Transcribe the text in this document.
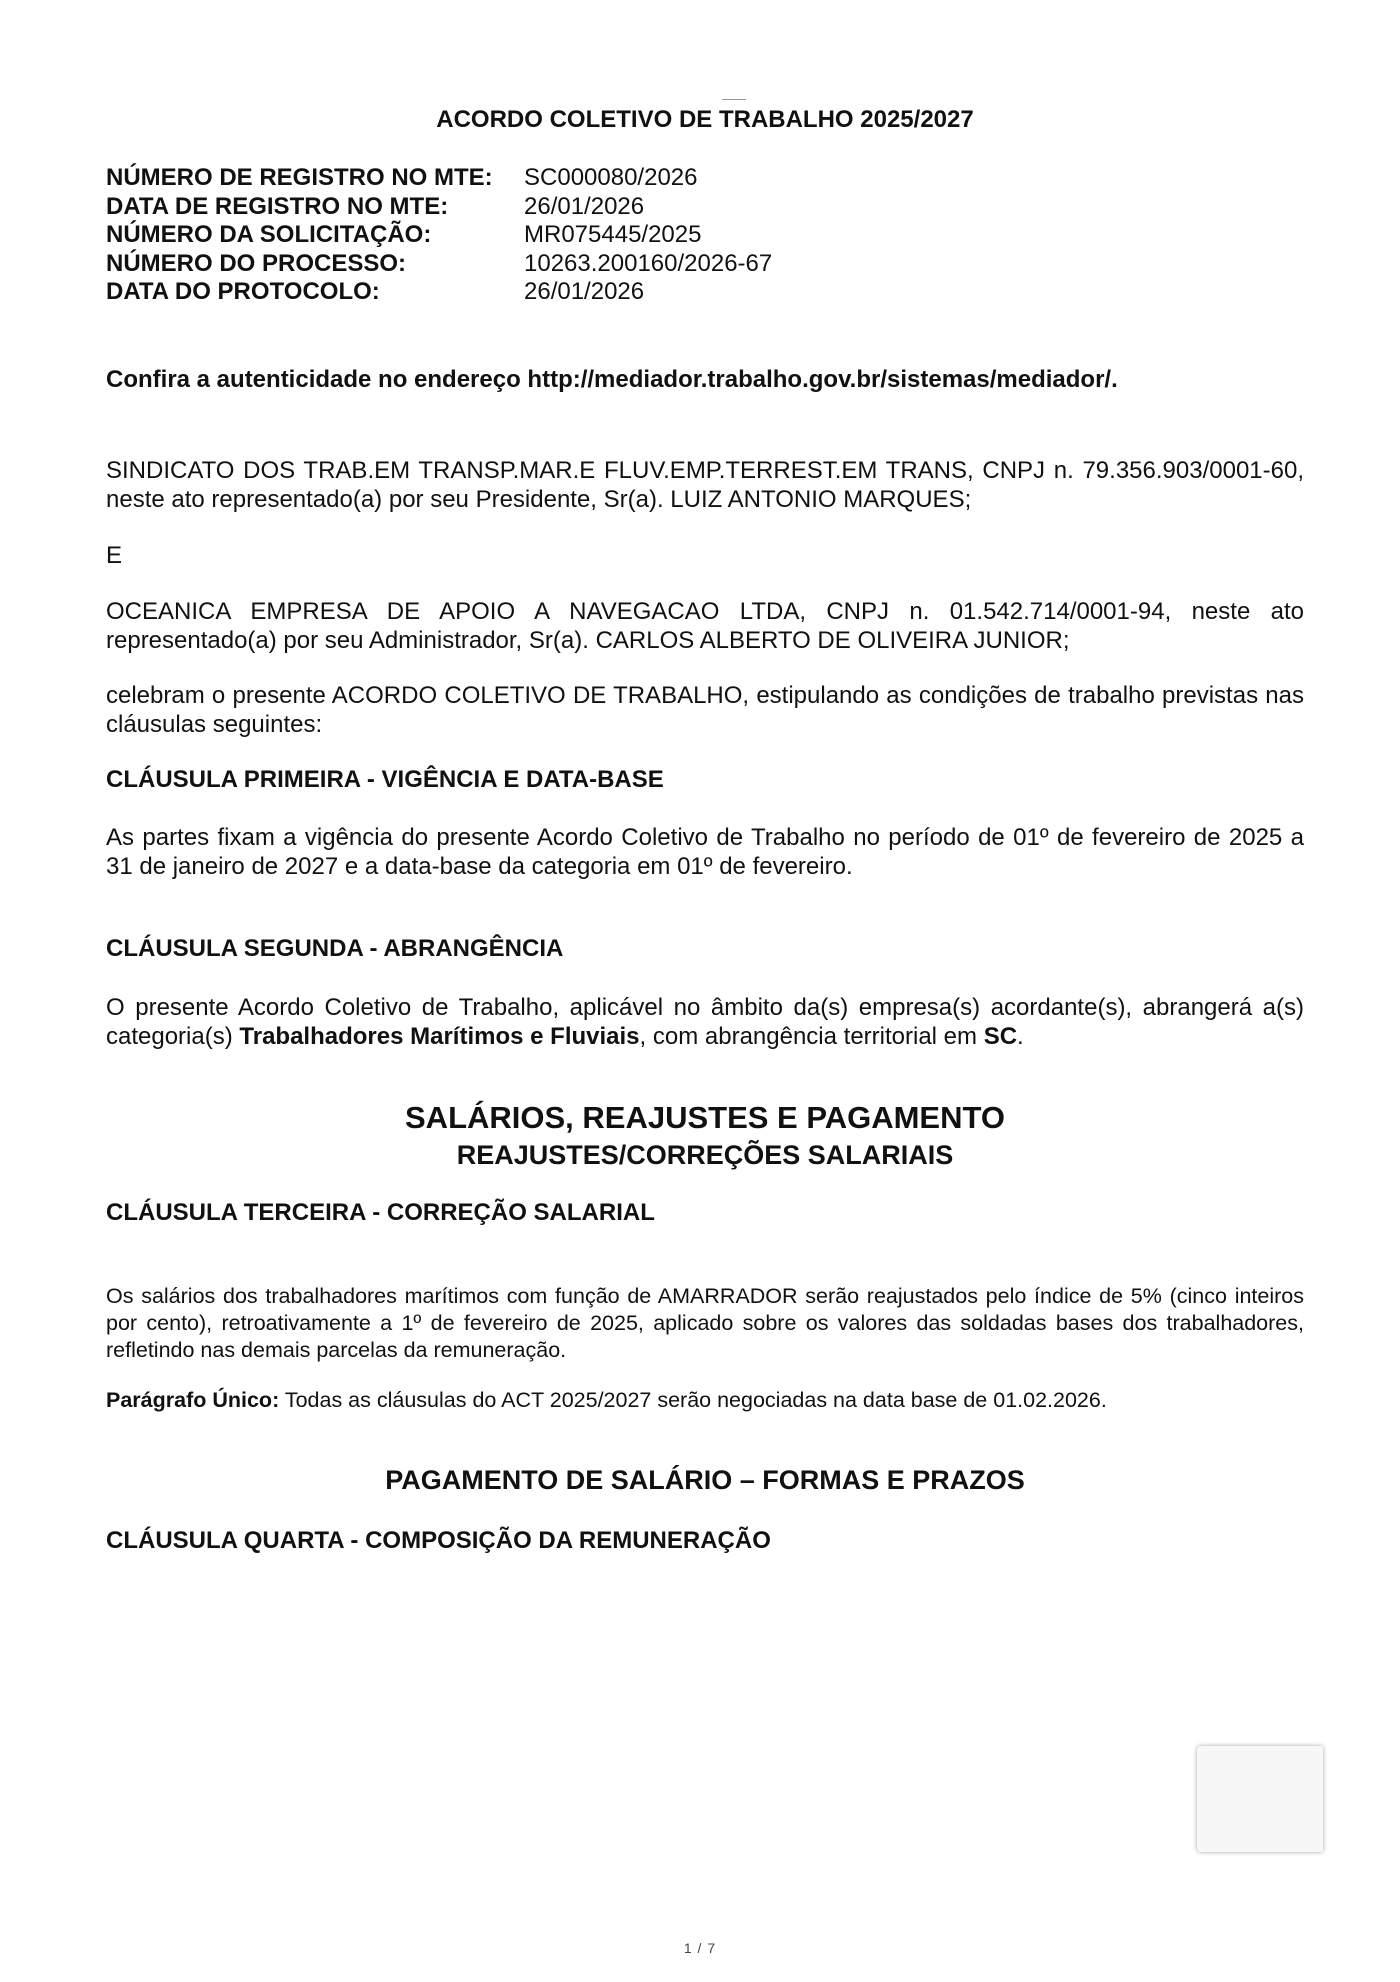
ACORDO COLETIVO DE TRABALHO 2025/2027
NÚMERO DE REGISTRO NO MTE:	SC000080/2026
DATA DE REGISTRO NO MTE:	26/01/2026
NÚMERO DA SOLICITAÇÃO:	MR075445/2025
NÚMERO DO PROCESSO:	10263.200160/2026-67
DATA DO PROTOCOLO:	26/01/2026
Confira a autenticidade no endereço http://mediador.trabalho.gov.br/sistemas/mediador/.
SINDICATO DOS TRAB.EM TRANSP.MAR.E FLUV.EMP.TERREST.EM TRANS, CNPJ n. 79.356.903/0001-60, neste ato representado(a) por seu Presidente, Sr(a). LUIZ ANTONIO MARQUES;
E
OCEANICA EMPRESA DE APOIO A NAVEGACAO LTDA, CNPJ n. 01.542.714/0001-94, neste ato representado(a) por seu Administrador, Sr(a). CARLOS ALBERTO DE OLIVEIRA JUNIOR;
celebram o presente ACORDO COLETIVO DE TRABALHO, estipulando as condições de trabalho previstas nas cláusulas seguintes:
CLÁUSULA PRIMEIRA - VIGÊNCIA E DATA-BASE
As partes fixam a vigência do presente Acordo Coletivo de Trabalho no período de 01º de fevereiro de 2025 a 31 de janeiro de 2027 e a data-base da categoria em 01º de fevereiro.
CLÁUSULA SEGUNDA - ABRANGÊNCIA
O presente Acordo Coletivo de Trabalho, aplicável no âmbito da(s) empresa(s) acordante(s), abrangerá a(s) categoria(s) Trabalhadores Marítimos e Fluviais, com abrangência territorial em SC.
SALÁRIOS, REAJUSTES E PAGAMENTO
REAJUSTES/CORREÇÕES SALARIAIS
CLÁUSULA TERCEIRA - CORREÇÃO SALARIAL
Os salários dos trabalhadores marítimos com função de AMARRADOR serão reajustados pelo índice de 5% (cinco inteiros por cento), retroativamente a 1º de fevereiro de 2025, aplicado sobre os valores das soldadas bases dos trabalhadores, refletindo nas demais parcelas da remuneração.
Parágrafo Único: Todas as cláusulas do ACT 2025/2027 serão negociadas na data base de 01.02.2026.
PAGAMENTO DE SALÁRIO – FORMAS E PRAZOS
CLÁUSULA QUARTA - COMPOSIÇÃO DA REMUNERAÇÃO
1 / 7
